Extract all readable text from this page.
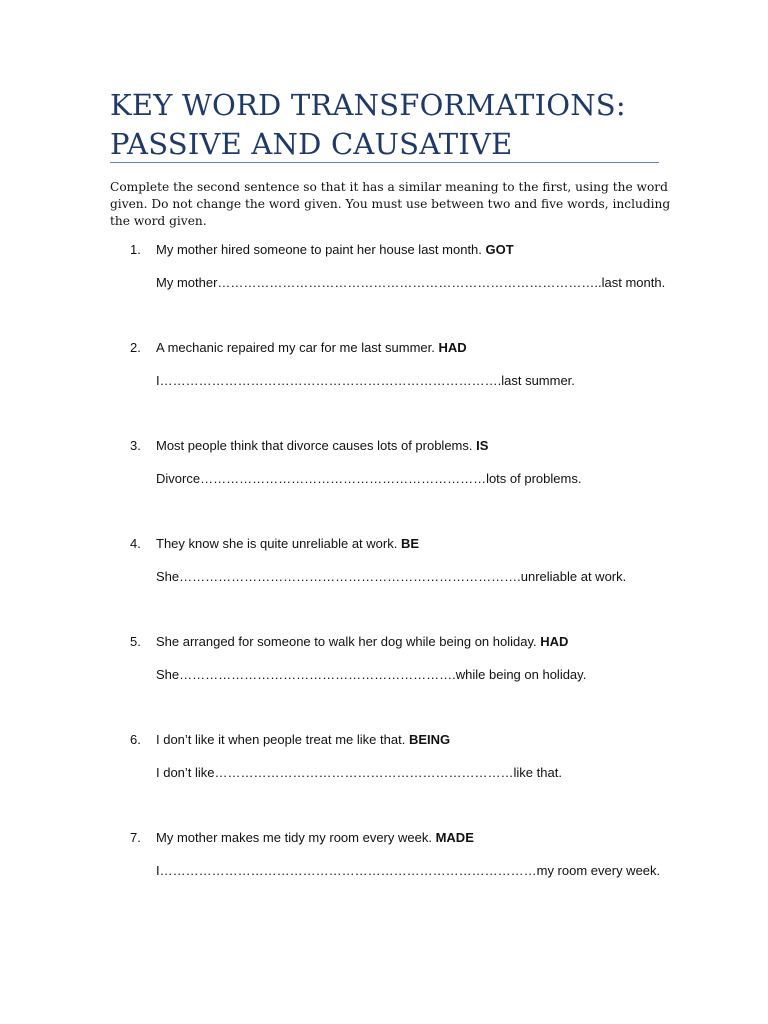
KEY WORD TRANSFORMATIONS:
PASSIVE AND CAUSATIVE
Complete the second sentence so that it has a similar meaning to the first, using the word
given. Do not change the word given. You must use between two and five words, including
the word given.
1.	My mother hired someone to paint her house last month. GOT
My mother……………………………………………………………………………..last month.
2.	A mechanic repaired my car for me last summer. HAD
I…………………………………………………………………….last summer.
3.	Most people think that divorce causes lots of problems. IS
Divorce…………………………………………………………lots of problems.
4.	They know she is quite unreliable at work. BE
She…………………………………………………………………….unreliable at work.
5.	She arranged for someone to walk her dog while being on holiday. HAD
She……………………………………………………….while being on holiday.
6.	I don’t like it when people treat me like that. BEING
I don’t like……………………………………………………………like that.
7.	My mother makes me tidy my room every week. MADE
I……………………………………………………………………………my room every week.
